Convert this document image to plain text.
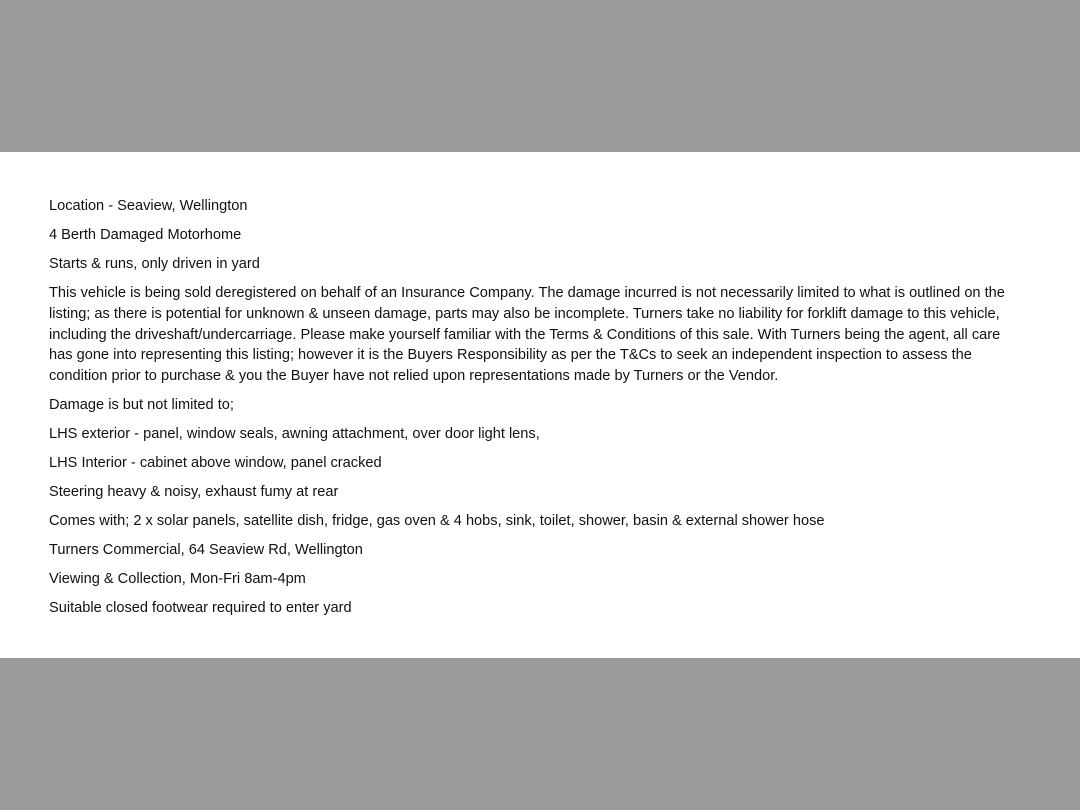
Location - Seaview, Wellington

4 Berth Damaged Motorhome

Starts & runs, only driven in yard

This vehicle is being sold deregistered on behalf of an Insurance Company. The damage incurred is not necessarily limited to what is outlined on the listing; as there is potential for unknown & unseen damage, parts may also be incomplete. Turners take no liability for forklift damage to this vehicle, including the driveshaft/undercarriage. Please make yourself familiar with the Terms & Conditions of this sale. With Turners being the agent, all care has gone into representing this listing; however it is the Buyers Responsibility as per the T&Cs to seek an independent inspection to assess the condition prior to purchase & you the Buyer have not relied upon representations made by Turners or the Vendor.

Damage is but not limited to;

LHS exterior - panel, window seals, awning attachment, over door light lens,

LHS Interior - cabinet above window, panel cracked

Steering heavy & noisy, exhaust fumy at rear

Comes with; 2 x solar panels, satellite dish, fridge, gas oven & 4 hobs, sink, toilet, shower, basin & external shower hose

Turners Commercial, 64 Seaview Rd, Wellington

Viewing & Collection, Mon-Fri 8am-4pm

Suitable closed footwear required to enter yard
